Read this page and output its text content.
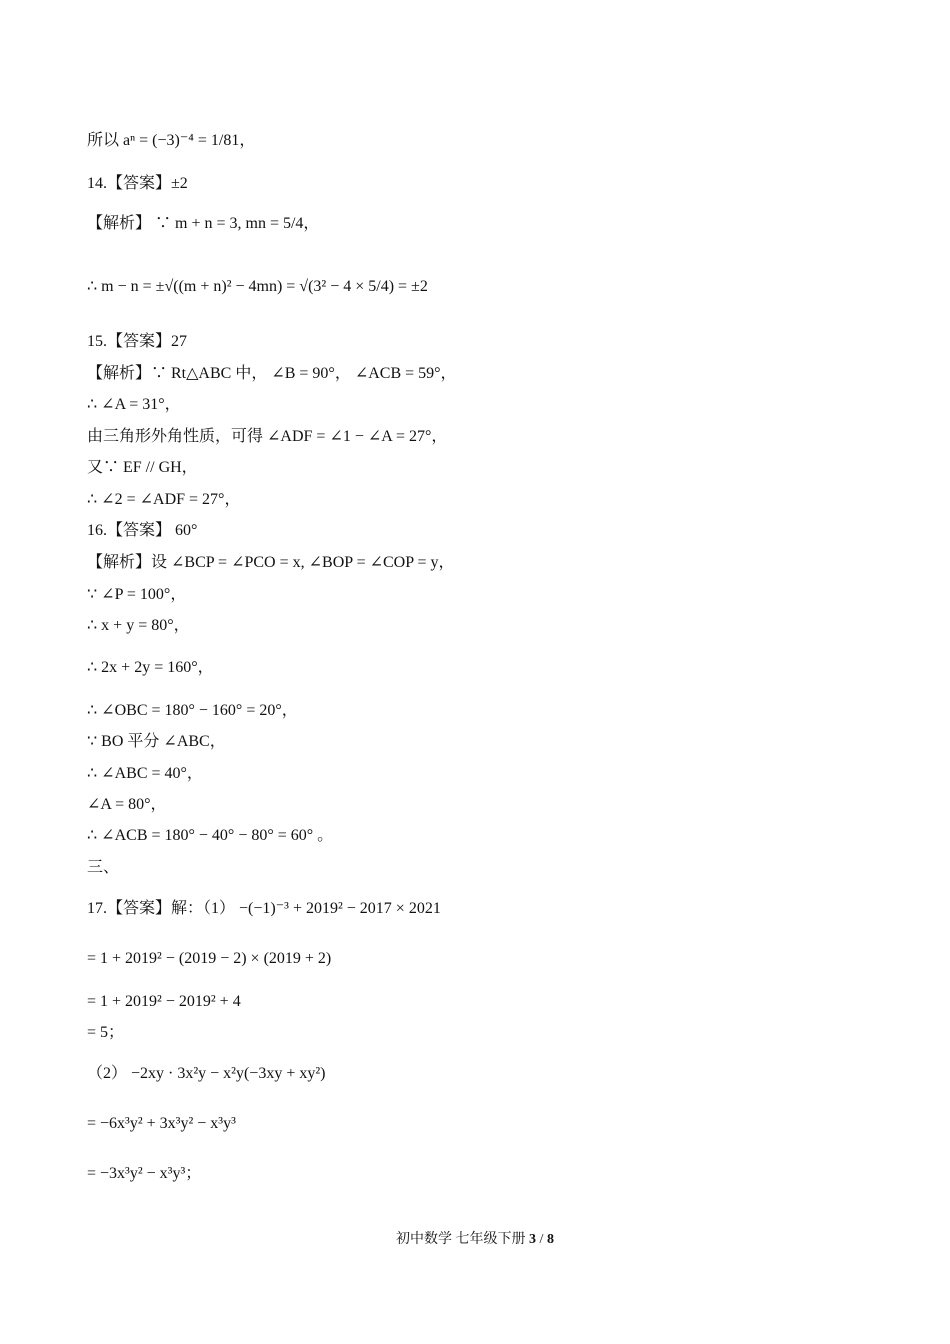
所以 aⁿ = (−3)⁻⁴ = 1/81，
14.【答案】±2
【解析】 ∵ m + n = 3, mn = 5/4，
∴ m − n = ±√((m + n)² − 4mn) = √(3² − 4 × 5/4) = ±2
15.【答案】27
【解析】∵ Rt△ABC 中， ∠B = 90°， ∠ACB = 59°，
∴ ∠A = 31°，
由三角形外角性质，可得 ∠ADF = ∠1 − ∠A = 27°，
又∵ EF // GH，
∴ ∠2 = ∠ADF = 27°，
16.【答案】 60°
【解析】设 ∠BCP = ∠PCO = x, ∠BOP = ∠COP = y，
∵ ∠P = 100°，
∴ x + y = 80°，
∴ 2x + 2y = 160°，
∴ ∠OBC = 180° − 160° = 20°，
∵ BO 平分 ∠ABC，
∴ ∠ABC = 40°，
∠A = 80°，
∴ ∠ACB = 180° − 40° − 80° = 60° 。
三、
17.【答案】解：（1） −(−1)⁻³ + 2019² − 2017 × 2021
= 1 + 2019² − (2019 − 2) × (2019 + 2)
= 1 + 2019² − 2019² + 4
= 5；
（2） −2xy · 3x²y − x²y(−3xy + xy²)
= −6x³y² + 3x³y² − x³y³
= −3x³y² − x³y³；
初中数学 七年级下册 3 / 8
